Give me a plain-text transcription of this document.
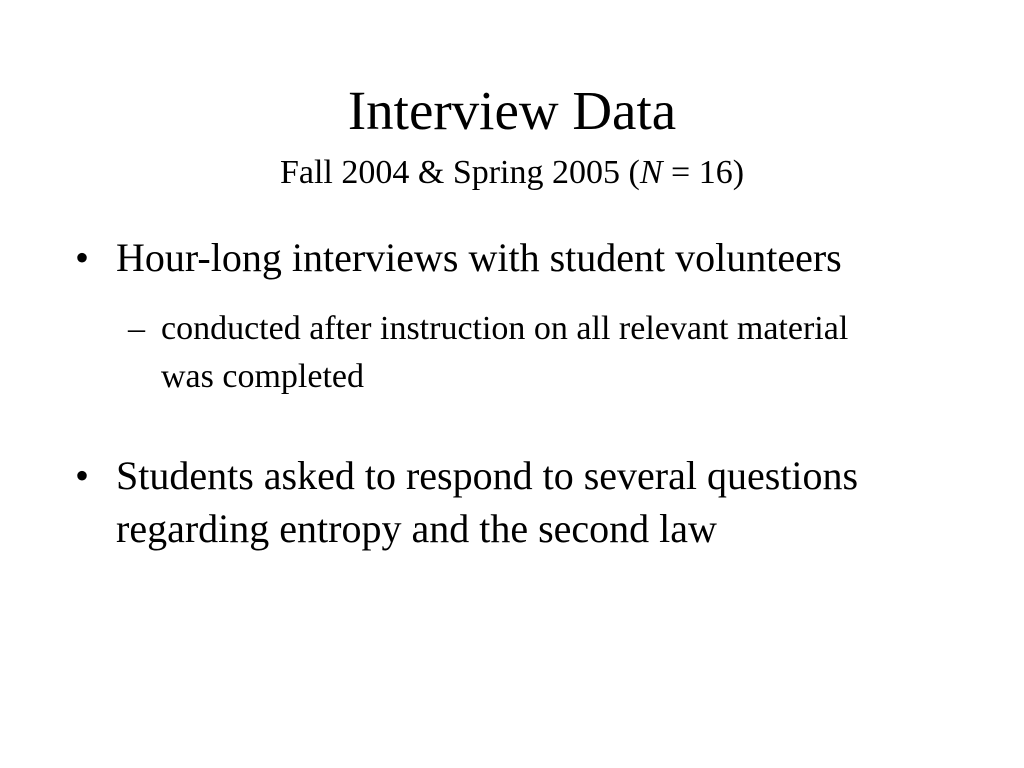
Interview Data
Fall 2004 & Spring 2005 (N = 16)
• Hour-long interviews with student volunteers
– conducted after instruction on all relevant material
was completed
• Students asked to respond to several questions
regarding entropy and the second law
